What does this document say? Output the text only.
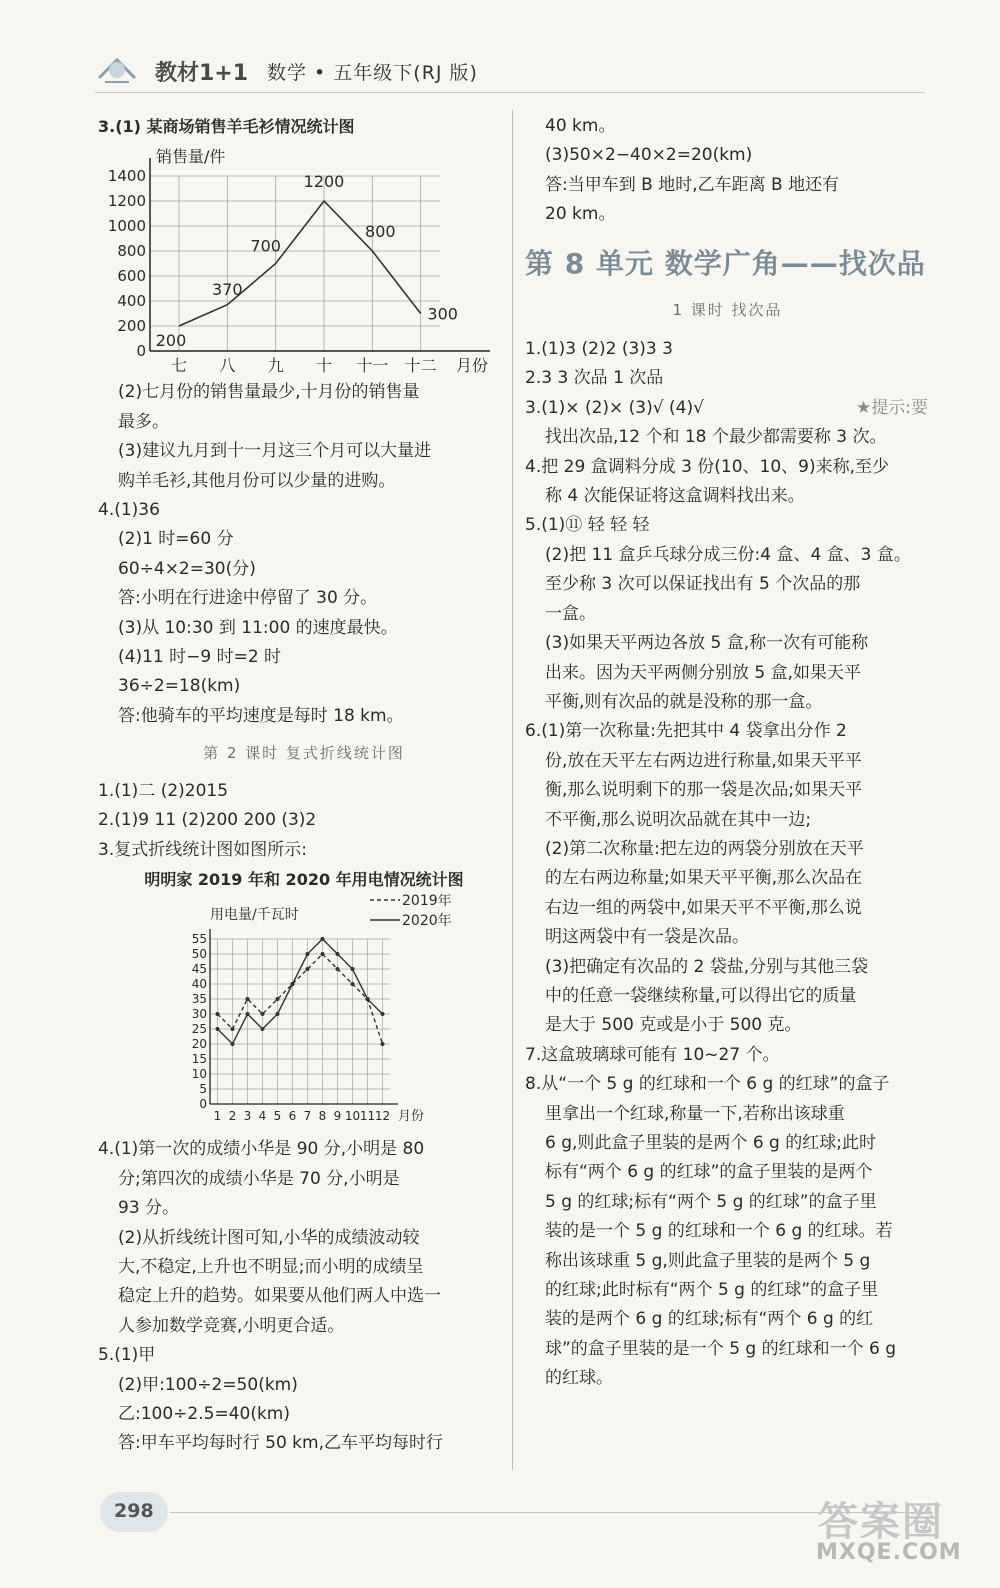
教材1+1 数学 • 五年级下(RJ 版)
3.(1) 某商场销售羊毛衫情况统计图
0
200
400
600
800
1000
1200
1400
七 八 九 十 十一 十二 月份
销售量/件
200
370
700
1200
800
300
(2)七月份的销售量最少,十月份的销售量
最多。
(3)建议九月到十一月这三个月可以大量进
购羊毛衫,其他月份可以少量的进购。
4.(1)36
(2)1 时=60 分
60÷4×2=30(分)
答:小明在行进途中停留了 30 分。
(3)从 10:30 到 11:00 的速度最快。
(4)11 时−9 时=2 时
36÷2=18(km)
答:他骑车的平均速度是每时 18 km。
第 2 课时 复式折线统计图
1.(1)二 (2)2015
2.(1)9 11 (2)200 200 (3)2
3.复式折线统计图如图所示:
明明家 2019 年和 2020 年用电情况统计图
0
5
10
15
20
25
30
35
40
45
50
55
1 2 3 4 5 6 7 8 9 10 11 12 月份
用电量/千瓦时
2019年
2020年
4.(1)第一次的成绩小华是 90 分,小明是 80
分;第四次的成绩小华是 70 分,小明是
93 分。
(2)从折线统计图可知,小华的成绩波动较
大,不稳定,上升也不明显;而小明的成绩呈
稳定上升的趋势。如果要从他们两人中选一
人参加数学竞赛,小明更合适。
5.(1)甲
(2)甲:100÷2=50(km)
乙:100÷2.5=40(km)
答:甲车平均每时行 50 km,乙车平均每时行
40 km。
(3)50×2−40×2=20(km)
答:当甲车到 B 地时,乙车距离 B 地还有
20 km。
第 8 单元 数学广角——找次品
1 课时 找次品
1.(1)3 (2)2 (3)3 3
2.3 3 次品 1 次品
3.(1)× (2)× (3)√ (4)√	★提示:要
找出次品,12 个和 18 个最少都需要称 3 次。
4.把 29 盒调料分成 3 份(10、10、9)来称,至少
称 4 次能保证将这盒调料找出来。
5.(1)⑪ 轻 轻 轻
(2)把 11 盒乒乓球分成三份:4 盒、4 盒、3 盒。
至少称 3 次可以保证找出有 5 个次品的那
一盒。
(3)如果天平两边各放 5 盒,称一次有可能称
出来。因为天平两侧分别放 5 盒,如果天平
平衡,则有次品的就是没称的那一盒。
6.(1)第一次称量:先把其中 4 袋拿出分作 2
份,放在天平左右两边进行称量,如果天平平
衡,那么说明剩下的那一袋是次品;如果天平
不平衡,那么说明次品就在其中一边;
(2)第二次称量:把左边的两袋分别放在天平
的左右两边称量;如果天平平衡,那么次品在
右边一组的两袋中,如果天平不平衡,那么说
明这两袋中有一袋是次品。
(3)把确定有次品的 2 袋盐,分别与其他三袋
中的任意一袋继续称量,可以得出它的质量
是大于 500 克或是小于 500 克。
7.这盒玻璃球可能有 10~27 个。
8.从“一个 5 g 的红球和一个 6 g 的红球”的盒子
里拿出一个红球,称量一下,若称出该球重
6 g,则此盒子里装的是两个 6 g 的红球;此时
标有“两个 6 g 的红球”的盒子里装的是两个
5 g 的红球;标有“两个 5 g 的红球”的盒子里
装的是一个 5 g 的红球和一个 6 g 的红球。若
称出该球重 5 g,则此盒子里装的是两个 5 g
的红球;此时标有“两个 5 g 的红球”的盒子里
装的是两个 6 g 的红球;标有“两个 6 g 的红
球”的盒子里装的是一个 5 g 的红球和一个 6 g
的红球。
298	答案圈
MXQE.COM
